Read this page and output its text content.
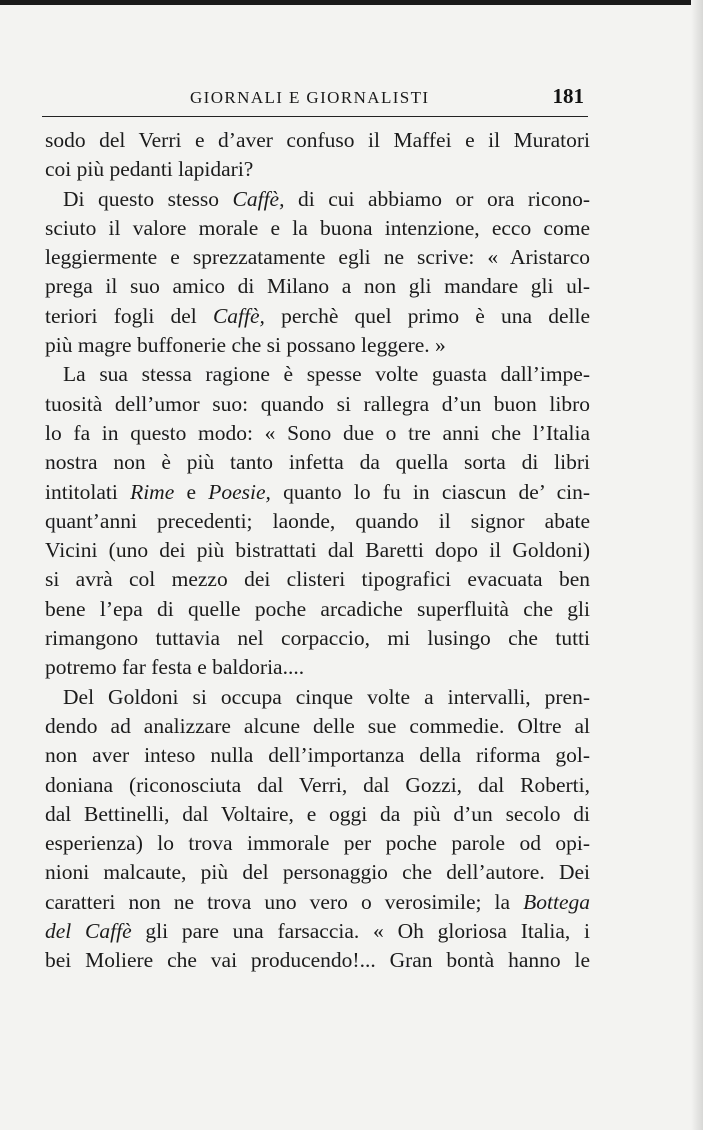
GIORNALI E GIORNALISTI	181
sodo del Verri e d’aver confuso il Maffei e il Muratori
coi più pedanti lapidari?
Di questo stesso Caffè, di cui abbiamo or ora ricono-
sciuto il valore morale e la buona intenzione, ecco come
leggiermente e sprezzatamente egli ne scrive: « Aristarco
prega il suo amico di Milano a non gli mandare gli ul-
teriori fogli del Caffè, perchè quel primo è una delle
più magre buffonerie che si possano leggere. »
La sua stessa ragione è spesse volte guasta dall’impe-
tuosità dell’umor suo: quando si rallegra d’un buon libro
lo fa in questo modo: « Sono due o tre anni che l’Italia
nostra non è più tanto infetta da quella sorta di libri
intitolati Rime e Poesie, quanto lo fu in ciascun de’ cin-
quant’anni precedenti; laonde, quando il signor abate
Vicini (uno dei più bistrattati dal Baretti dopo il Goldoni)
si avrà col mezzo dei clisteri tipografici evacuata ben
bene l’epa di quelle poche arcadiche superfluità che gli
rimangono tuttavia nel corpaccio, mi lusingo che tutti
potremo far festa e baldoria....
Del Goldoni si occupa cinque volte a intervalli, pren-
dendo ad analizzare alcune delle sue commedie. Oltre al
non aver inteso nulla dell’importanza della riforma gol-
doniana (riconosciuta dal Verri, dal Gozzi, dal Roberti,
dal Bettinelli, dal Voltaire, e oggi da più d’un secolo di
esperienza) lo trova immorale per poche parole od opi-
nioni malcaute, più del personaggio che dell’autore. Dei
caratteri non ne trova uno vero o verosimile; la Bottega
del Caffè gli pare una farsaccia. « Oh gloriosa Italia, i
bei Moliere che vai producendo!... Gran bontà hanno le
